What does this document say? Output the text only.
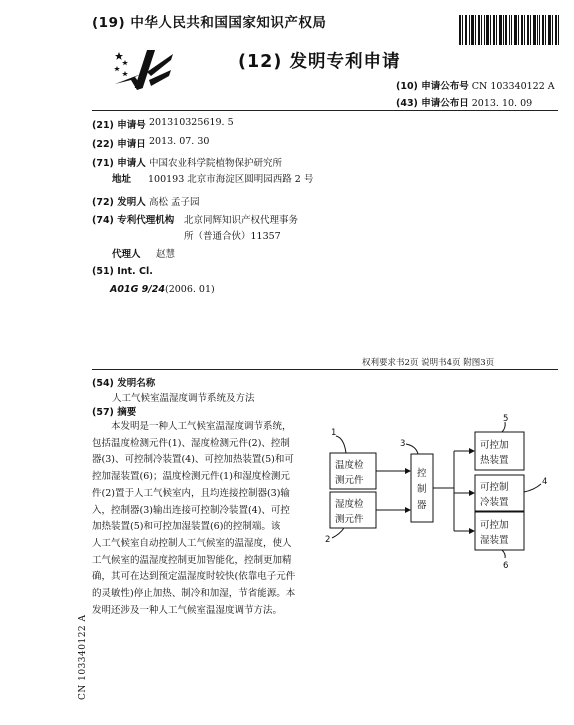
(19) 中华人民共和国国家知识产权局
(12) 发明专利申请
(10) 申请公布号 CN 103340122 A
(43) 申请公布日 2013. 10. 09
(21) 申请号 201310325619. 5
(22) 申请日 2013. 07. 30
(71) 申请人 中国农业科学院植物保护研究所
地址 100193 北京市海淀区圆明园西路 2 号
(72) 发明人 高松 孟子园
(74) 专利代理机构 北京同辉知识产权代理事务
所（普通合伙）11357
代理人 赵慧
(51) Int. Cl.
A01G 9/24(2006. 01)
权利要求书2页 说明书4页 附图3页
(54) 发明名称
人工气候室温湿度调节系统及方法
(57) 摘要
本发明是一种人工气候室温湿度调节系统，
包括温度检测元件(1)、湿度检测元件(2)、控制
器(3)、可控制冷装置(4)、可控加热装置(5)和可
控加湿装置(6)；温度检测元件(1)和湿度检测元
件(2)置于人工气候室内，且均连接控制器(3)输
入，控制器(3)输出连接可控制冷装置(4)、可控
加热装置(5)和可控加湿装置(6)的控制端。该
人工气候室自动控制人工气候室的温湿度，使人
工气候室的温湿度控制更加智能化，控制更加精
确，其可在达到预定温湿度时较快(依靠电子元件
的灵敏性)停止加热、制冷和加湿，节省能源。本
发明还涉及一种人工气候室温湿度调节方法。
温度检
测元件
湿度检
测元件
控
制
器
可控加
热装置
可控制
冷装置
可控加
湿装置
1
2
3
4
5
6
CN 103340122 A
